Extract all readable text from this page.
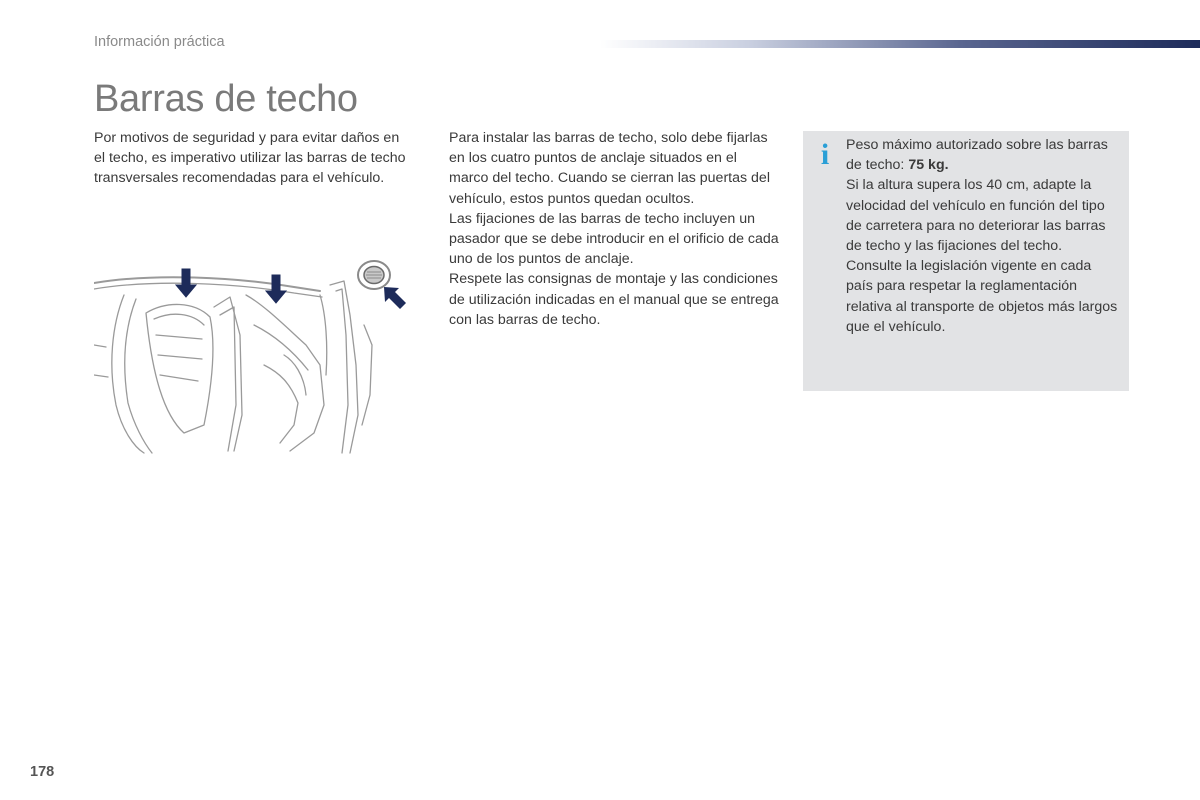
Información práctica
Barras de techo

Por motivos de seguridad y para evitar daños en el techo, es imperativo utilizar las barras de techo transversales recomendadas para el vehículo.

Para instalar las barras de techo, solo debe fijarlas en los cuatro puntos de anclaje situados en el marco del techo. Cuando se cierran las puertas del vehículo, estos puntos quedan ocultos.

Las fijaciones de las barras de techo incluyen un pasador que se debe introducir en el orificio de cada uno de los puntos de anclaje.

Respete las consignas de montaje y las condiciones de utilización indicadas en el manual que se entrega con las barras de techo.

i Peso máximo autorizado sobre las barras de techo: 75 kg.

Si la altura supera los 40 cm, adapte la velocidad del vehículo en función del tipo de carretera para no deteriorar las barras de techo y las fijaciones del techo.

Consulte la legislación vigente en cada país para respetar la reglamentación relativa al transporte de objetos más largos que el vehículo.

178
